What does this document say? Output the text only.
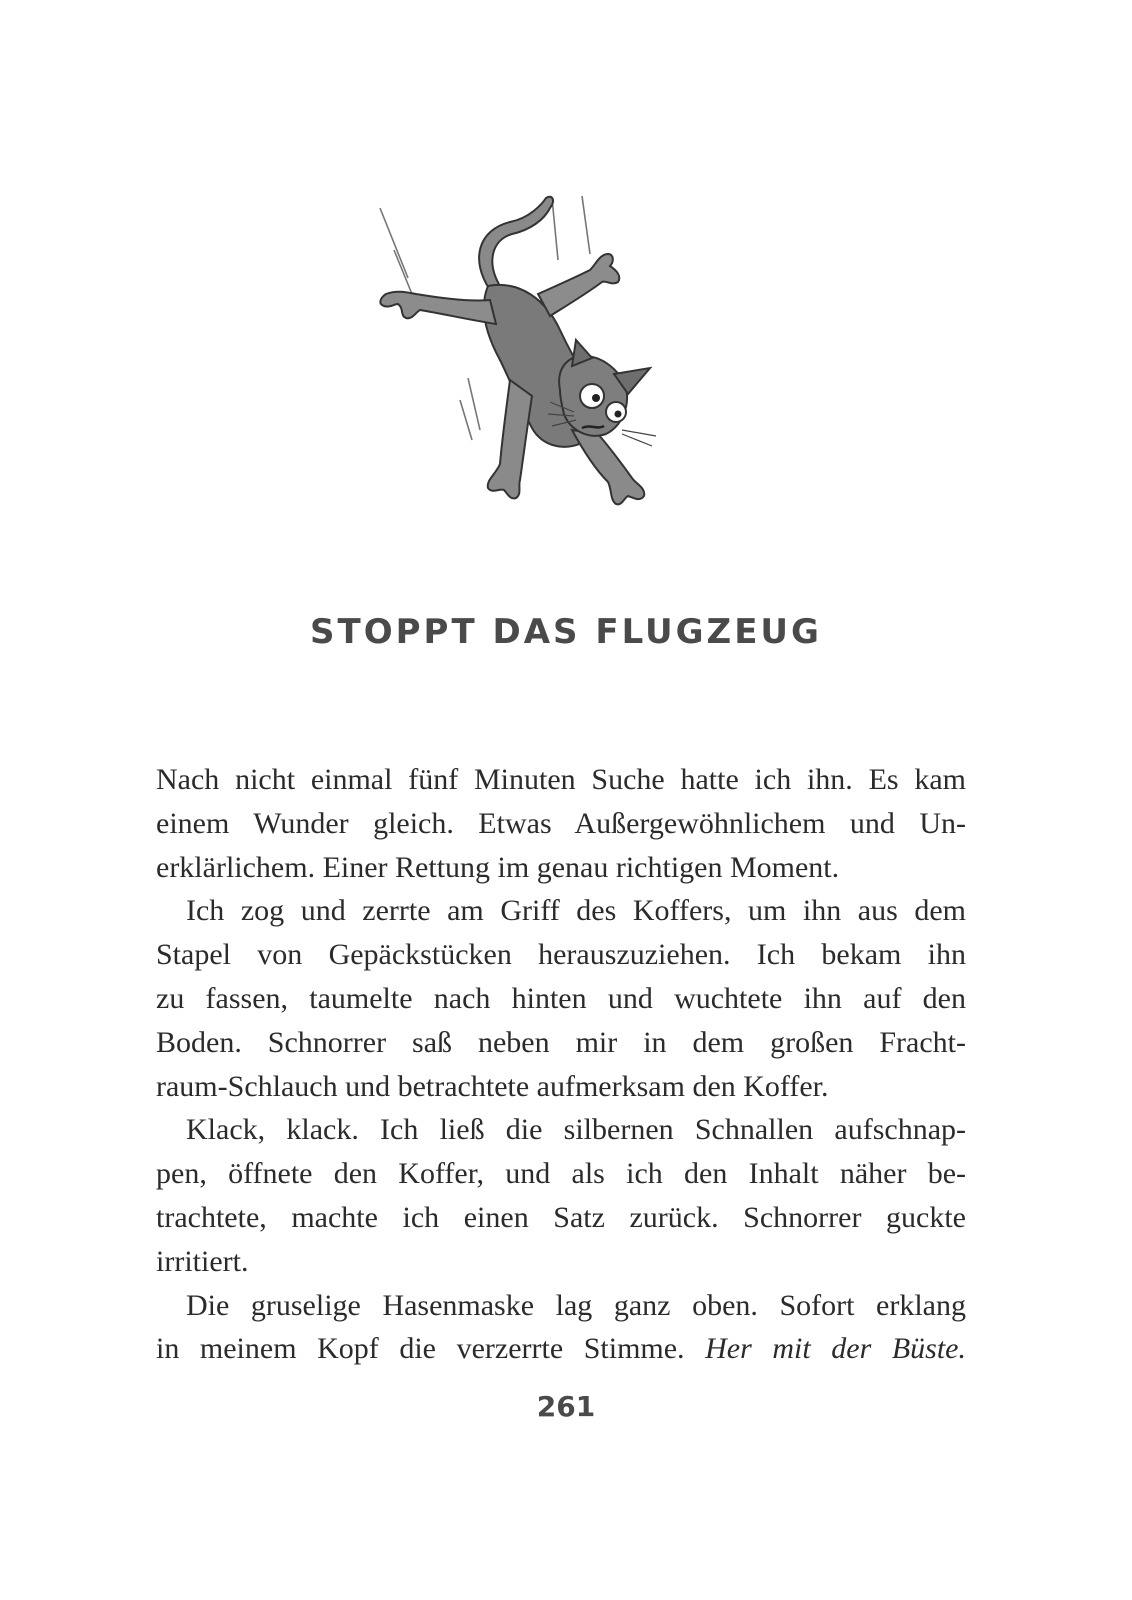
STOPPT DAS FLUGZEUG

Nach nicht einmal fünf Minuten Suche hatte ich ihn. Es kam
einem Wunder gleich. Etwas Außergewöhnlichem und Un-
erklärlichem. Einer Rettung im genau richtigen Moment.

Ich zog und zerrte am Griff des Koffers, um ihn aus dem
Stapel von Gepäckstücken herauszuziehen. Ich bekam ihn
zu fassen, taumelte nach hinten und wuchtete ihn auf den
Boden. Schnorrer saß neben mir in dem großen Fracht-
raum-Schlauch und betrachtete aufmerksam den Koffer.

Klack, klack. Ich ließ die silbernen Schnallen aufschnap-
pen, öffnete den Koffer, und als ich den Inhalt näher be-
trachtete, machte ich einen Satz zurück. Schnorrer guckte
irritiert.

Die gruselige Hasenmaske lag ganz oben. Sofort erklang
in meinem Kopf die verzerrte Stimme. Her mit der Büste.

261
